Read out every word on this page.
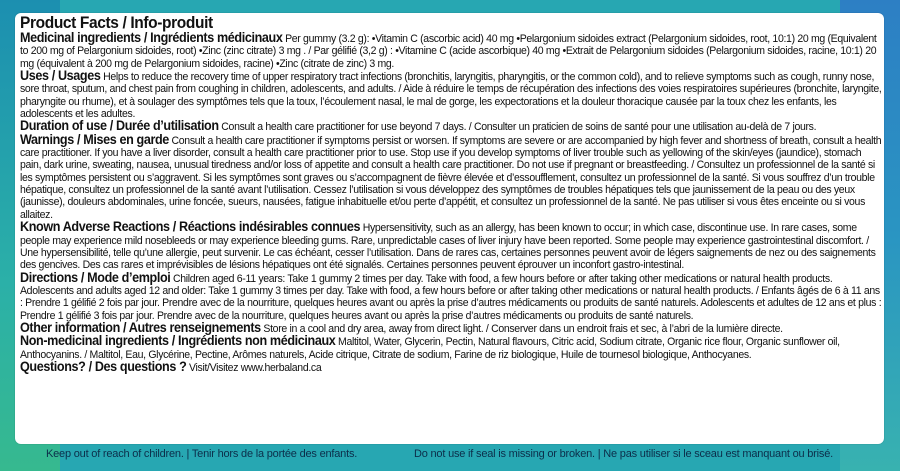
Product Facts / Info-produit

Medicinal ingredients / Ingrédients médicinaux Per gummy (3.2 g): •Vitamin C (ascorbic acid) 40 mg •Pelargonium sidoides extract (Pelargonium sidoides, root, 10:1) 20 mg (Equivalent to 200 mg of Pelargonium sidoides, root) •Zinc (zinc citrate) 3 mg . / Par gélifié (3,2 g) : •Vitamine C (acide ascorbique) 40 mg •Extrait de Pelargonium sidoides (Pelargonium sidoides, racine, 10:1) 20 mg (équivalent à 200 mg de Pelargonium sidoides, racine) •Zinc (citrate de zinc) 3 mg.

Uses / Usages Helps to reduce the recovery time of upper respiratory tract infections (bronchitis, laryngitis, pharyngitis, or the common cold), and to relieve symptoms such as cough, runny nose, sore throat, sputum, and chest pain from coughing in children, adolescents, and adults. / Aide à réduire le temps de récupération des infections des voies respiratoires supérieures (bronchite, laryngite, pharyngite ou rhume), et à soulager des symptômes tels que la toux, l’écoulement nasal, le mal de gorge, les expectorations et la douleur thoracique causée par la toux chez les enfants, les adolescents et les adultes.

Duration of use / Durée d’utilisation Consult a health care practitioner for use beyond 7 days. / Consulter un praticien de soins de santé pour une utilisation au-delà de 7 jours.

Warnings / Mises en garde Consult a health care practitioner if symptoms persist or worsen. If symptoms are severe or are accompanied by high fever and shortness of breath, consult a health care practitioner. If you have a liver disorder, consult a health care practitioner prior to use. Stop use if you develop symptoms of liver trouble such as yellowing of the skin/eyes (jaundice), stomach pain, dark urine, sweating, nausea, unusual tiredness and/or loss of appetite and consult a health care practitioner. Do not use if pregnant or breastfeeding. / Consultez un professionnel de la santé si les symptômes persistent ou s’aggravent. Si les symptômes sont graves ou s’accompagnent de fièvre élevée et d’essoufflement, consultez un professionnel de la santé. Si vous souffrez d’un trouble hépatique, consultez un professionnel de la santé avant l’utilisation. Cessez l’utilisation si vous développez des symptômes de troubles hépatiques tels que jaunissement de la peau ou des yeux (jaunisse), douleurs abdominales, urine foncée, sueurs, nausées, fatigue inhabituelle et/ou perte d’appétit, et consultez un professionnel de la santé. Ne pas utiliser si vous êtes enceinte ou si vous allaitez.

Known Adverse Reactions / Réactions indésirables connues Hypersensitivity, such as an allergy, has been known to occur; in which case, discontinue use. In rare cases, some people may experience mild nosebleeds or may experience bleeding gums. Rare, unpredictable cases of liver injury have been reported. Some people may experience gastrointestinal discomfort. / Une hypersensibilité, telle qu’une allergie, peut survenir. Le cas échéant, cesser l’utilisation. Dans de rares cas, certaines personnes peuvent avoir de légers saignements de nez ou des saignements des gencives. Des cas rares et imprévisibles de lésions hépatiques ont été signalés. Certaines personnes peuvent éprouver un inconfort gastro-intestinal.

Directions / Mode d’emploi Children aged 6-11 years: Take 1 gummy 2 times per day. Take with food, a few hours before or after taking other medications or natural health products. Adolescents and adults aged 12 and older: Take 1 gummy 3 times per day. Take with food, a few hours before or after taking other medications or natural health products. / Enfants âgés de 6 à 11 ans : Prendre 1 gélifié 2 fois par jour. Prendre avec de la nourriture, quelques heures avant ou après la prise d’autres médicaments ou produits de santé naturels. Adolescents et adultes de 12 ans et plus : Prendre 1 gélifié 3 fois par jour. Prendre avec de la nourriture, quelques heures avant ou après la prise d’autres médicaments ou produits de santé naturels.

Other information / Autres renseignements Store in a cool and dry area, away from direct light. / Conserver dans un endroit frais et sec, à l’abri de la lumière directe.

Non-medicinal ingredients / Ingrédients non médicinaux Maltitol, Water, Glycerin, Pectin, Natural flavours, Citric acid, Sodium citrate, Organic rice flour, Organic sunflower oil, Anthocyanins. / Maltitol, Eau, Glycérine, Pectine, Arômes naturels, Acide citrique, Citrate de sodium, Farine de riz biologique, Huile de tournesol biologique, Anthocyanes.

Questions? / Des questions ? Visit/Visitez www.herbaland.ca

Keep out of reach of children. | Tenir hors de la portée des enfants.	Do not use if seal is missing or broken. | Ne pas utiliser si le sceau est manquant ou brisé.
